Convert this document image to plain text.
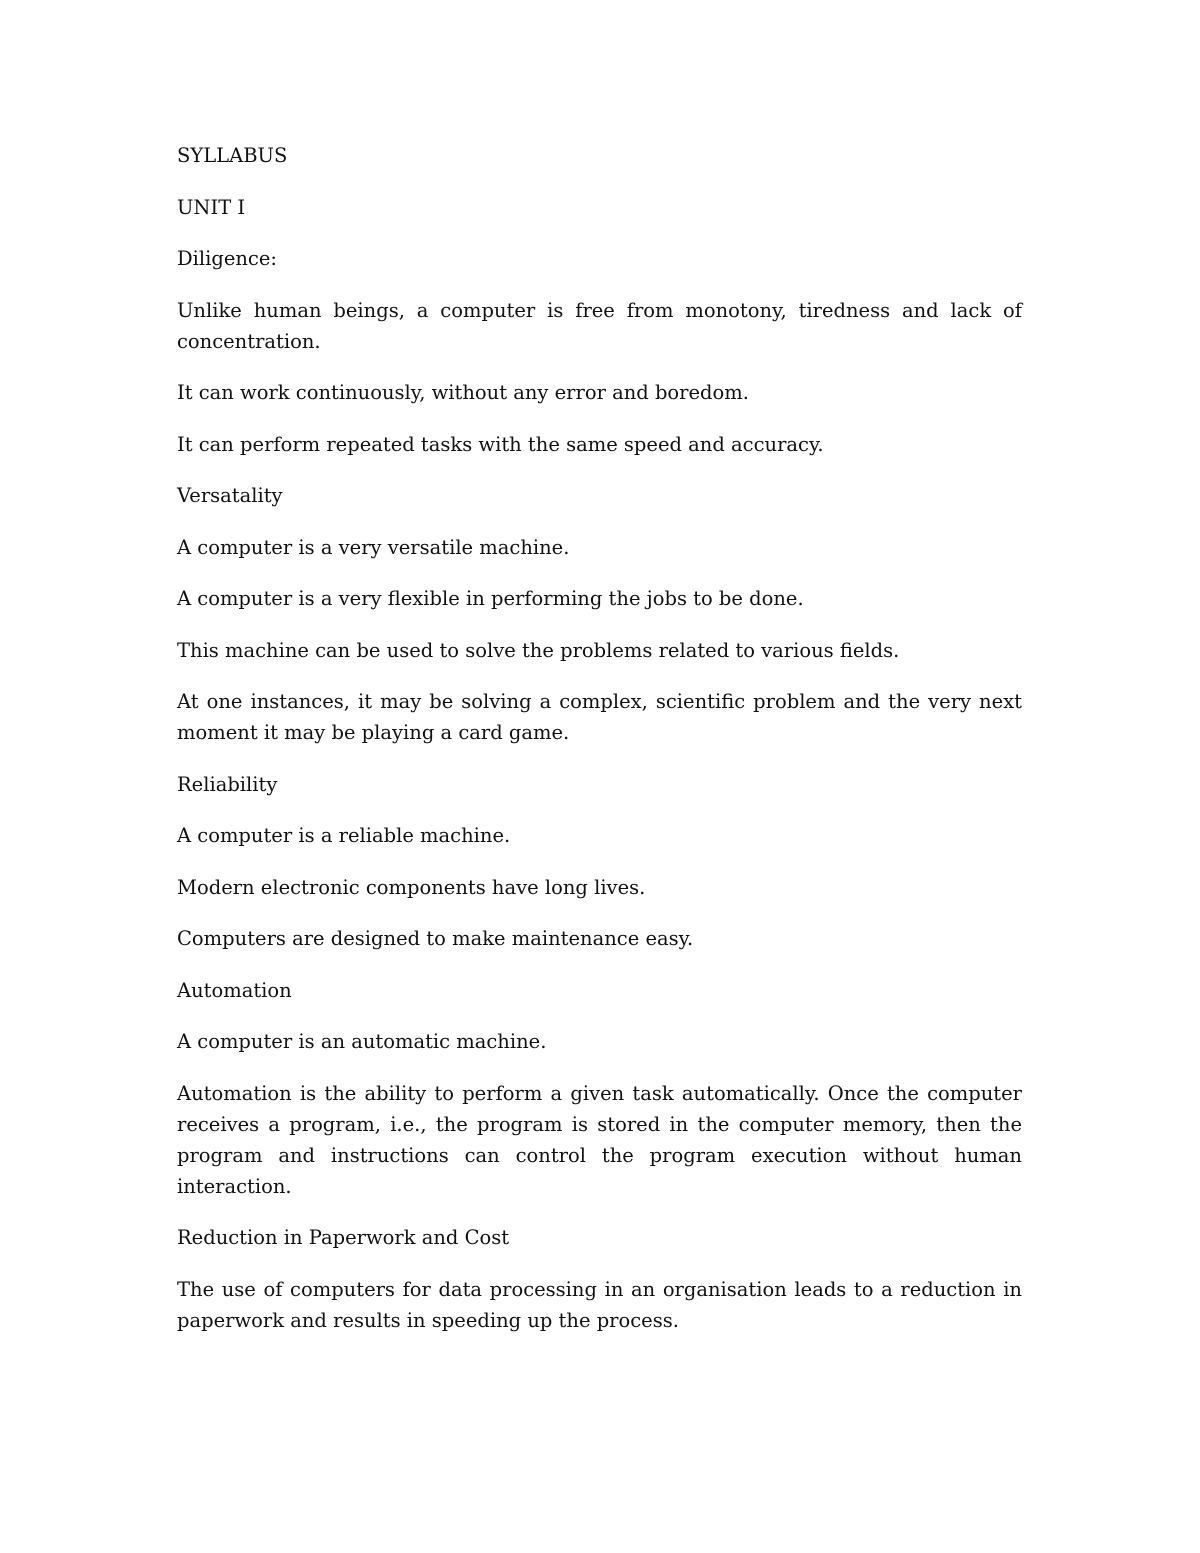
SYLLABUS

UNIT I

Diligence:

Unlike human beings, a computer is free from monotony, tiredness and lack of concentration.

It can work continuously, without any error and boredom.

It can perform repeated tasks with the same speed and accuracy.

Versatality

A computer is a very versatile machine.

A computer is a very flexible in performing the jobs to be done.

This machine can be used to solve the problems related to various fields.

At one instances, it may be solving a complex, scientific problem and the very next moment it may be playing a card game.

Reliability

A computer is a reliable machine.

Modern electronic components have long lives.

Computers are designed to make maintenance easy.

Automation

A computer is an automatic machine.

Automation is the ability to perform a given task automatically. Once the computer receives a program, i.e., the program is stored in the computer memory, then the program and instructions can control the program execution without human interaction.

Reduction in Paperwork and Cost

The use of computers for data processing in an organisation leads to a reduction in paperwork and results in speeding up the process.
